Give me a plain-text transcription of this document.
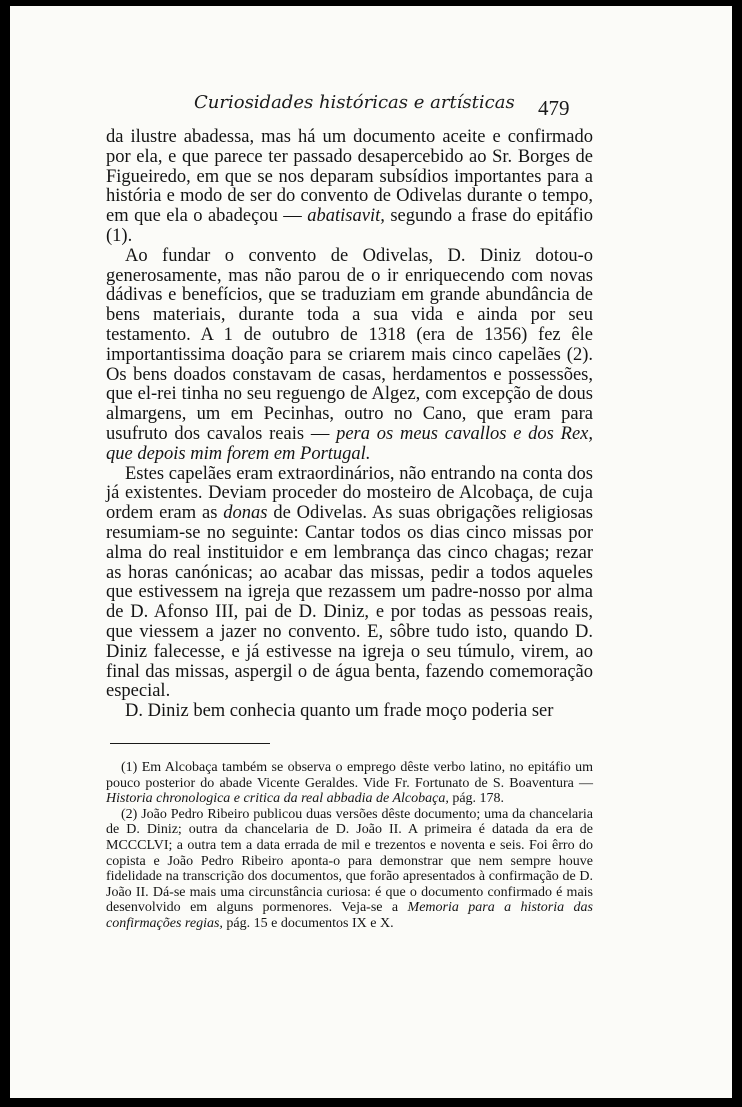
Curiosidades históricas e artísticas 479

da ilustre abadessa, mas há um documento aceite e confirmado por ela, e que parece ter passado desapercebido ao Sr. Borges de Figueiredo, em que se nos deparam subsídios importantes para a história e modo de ser do convento de Odivelas durante o tempo, em que ela o abadeçou — abatisavit, segundo a frase do epitáfio (1).

Ao fundar o convento de Odivelas, D. Diniz dotou-o generosamente, mas não parou de o ir enriquecendo com novas dádivas e benefícios, que se traduziam em grande abundância de bens materiais, durante toda a sua vida e ainda por seu testamento. A 1 de outubro de 1318 (era de 1356) fez êle importantissima doação para se criarem mais cinco capelães (2). Os bens doados constavam de casas, herdamentos e possessões, que el-rei tinha no seu reguengo de Algez, com excepção de dous almargens, um em Pecinhas, outro no Cano, que eram para usufruto dos cavalos reais — pera os meus cavallos e dos Rex, que depois mim forem em Portugal.

Estes capelães eram extraordinários, não entrando na conta dos já existentes. Deviam proceder do mosteiro de Alcobaça, de cuja ordem eram as donas de Odivelas. As suas obrigações religiosas resumiam-se no seguinte: Cantar todos os dias cinco missas por alma do real instituidor e em lembrança das cinco chagas; rezar as horas canónicas; ao acabar das missas, pedir a todos aqueles que estivessem na igreja que rezassem um padre-nosso por alma de D. Afonso III, pai de D. Diniz, e por todas as pessoas reais, que viessem a jazer no convento. E, sôbre tudo isto, quando D. Diniz falecesse, e já estivesse na igreja o seu túmulo, virem, ao final das missas, aspergil o de água benta, fazendo comemoração especial.

D. Diniz bem conhecia quanto um frade moço poderia ser

(1) Em Alcobaça também se observa o emprego dêste verbo latino, no epitáfio um pouco posterior do abade Vicente Geraldes. Vide Fr. Fortunato de S. Boaventura — Historia chronologica e critica da real abbadia de Alcobaça, pág. 178.

(2) João Pedro Ribeiro publicou duas versões dêste documento; uma da chancelaria de D. Diniz; outra da chancelaria de D. João II. A primeira é datada da era de MCCCLVI; a outra tem a data errada de mil e trezentos e noventa e seis. Foi êrro do copista e João Pedro Ribeiro aponta-o para demonstrar que nem sempre houve fidelidade na transcrição dos documentos, que forão apresentados à confirmação de D. João II. Dá-se mais uma circunstância curiosa: é que o documento confirmado é mais desenvolvido em alguns pormenores. Veja-se a Memoria para a historia das confirmações regias, pág. 15 e documentos IX e X.
